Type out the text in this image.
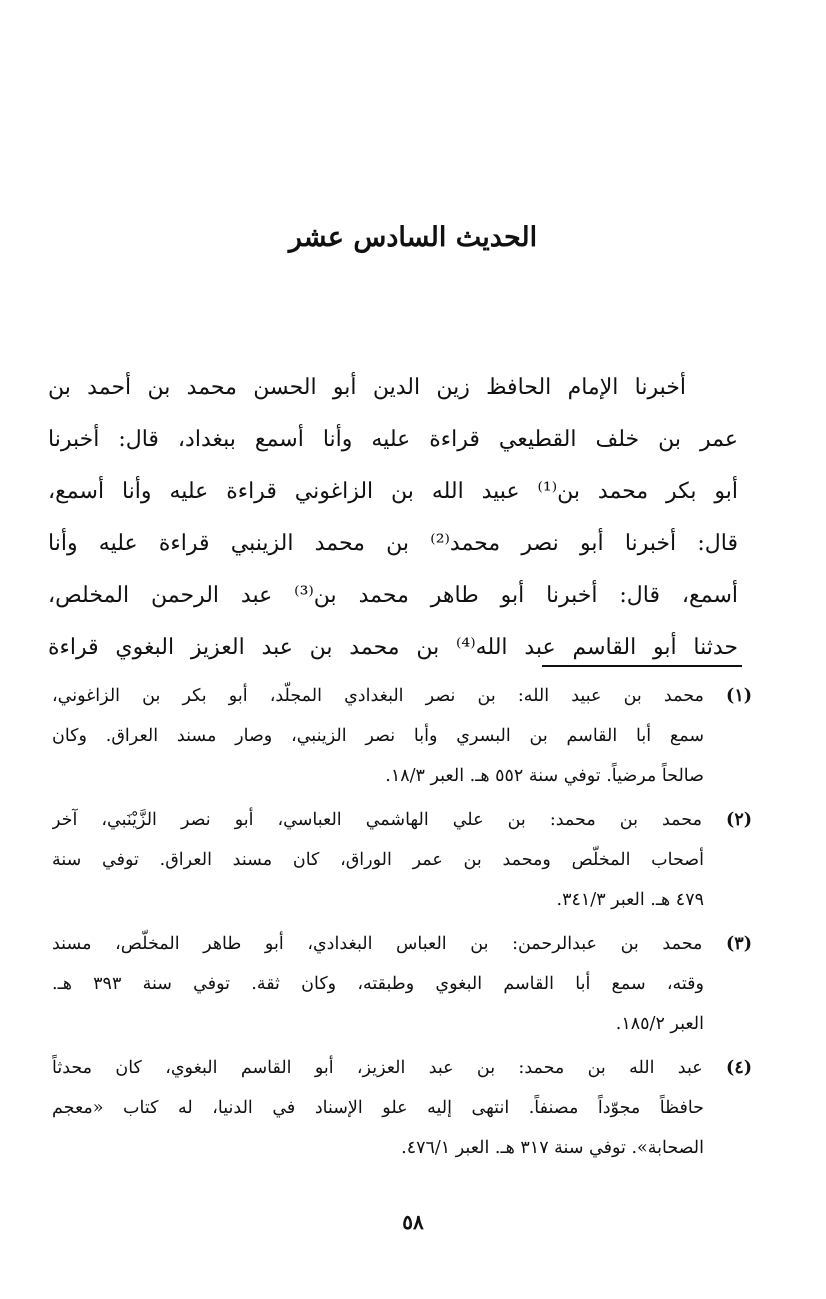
الحديث السادس عشر
أخبرنا الإمام الحافظ زين الدين أبو الحسن محمد بن أحمد بن
عمر بن خلف القطيعي قراءة عليه وأنا أسمع ببغداد، قال: أخبرنا
أبو بكر محمد بن⁽¹⁾ عبيد الله بن الزاغوني قراءة عليه وأنا أسمع،
قال: أخبرنا أبو نصر محمد⁽²⁾ بن محمد الزينبي قراءة عليه وأنا
أسمع، قال: أخبرنا أبو طاهر محمد بن⁽³⁾ عبد الرحمن المخلص،
حدثنا أبو القاسم عبد الله⁽⁴⁾ بن محمد بن عبد العزيز البغوي قراءة
(١) محمد بن عبيد الله: بن نصر البغدادي المجلّد، أبو بكر بن الزاغوني،
سمع أبا القاسم بن البسري وأبا نصر الزينبي، وصار مسند العراق. وكان
صالحاً مرضياً. توفي سنة ٥٥٢ هـ. العبر ١٨/٣.
(٢) محمد بن محمد: بن علي الهاشمي العباسي، أبو نصر الزَّيْنَبي، آخر
أصحاب المخلّص ومحمد بن عمر الوراق، كان مسند العراق. توفي سنة
٤٧٩ هـ. العبر ٣٤١/٣.
(٣) محمد بن عبدالرحمن: بن العباس البغدادي، أبو طاهر المخلّص، مسند
وقته، سمع أبا القاسم البغوي وطبقته، وكان ثقة. توفي سنة ٣٩٣ هـ.
العبر ١٨٥/٢.
(٤) عبد الله بن محمد: بن عبد العزيز، أبو القاسم البغوي، كان محدثاً
حافظاً مجوّداً مصنفاً. انتهى إليه علو الإسناد في الدنيا، له كتاب «معجم
الصحابة». توفي سنة ٣١٧ هـ. العبر ٤٧٦/١.
٥٨
